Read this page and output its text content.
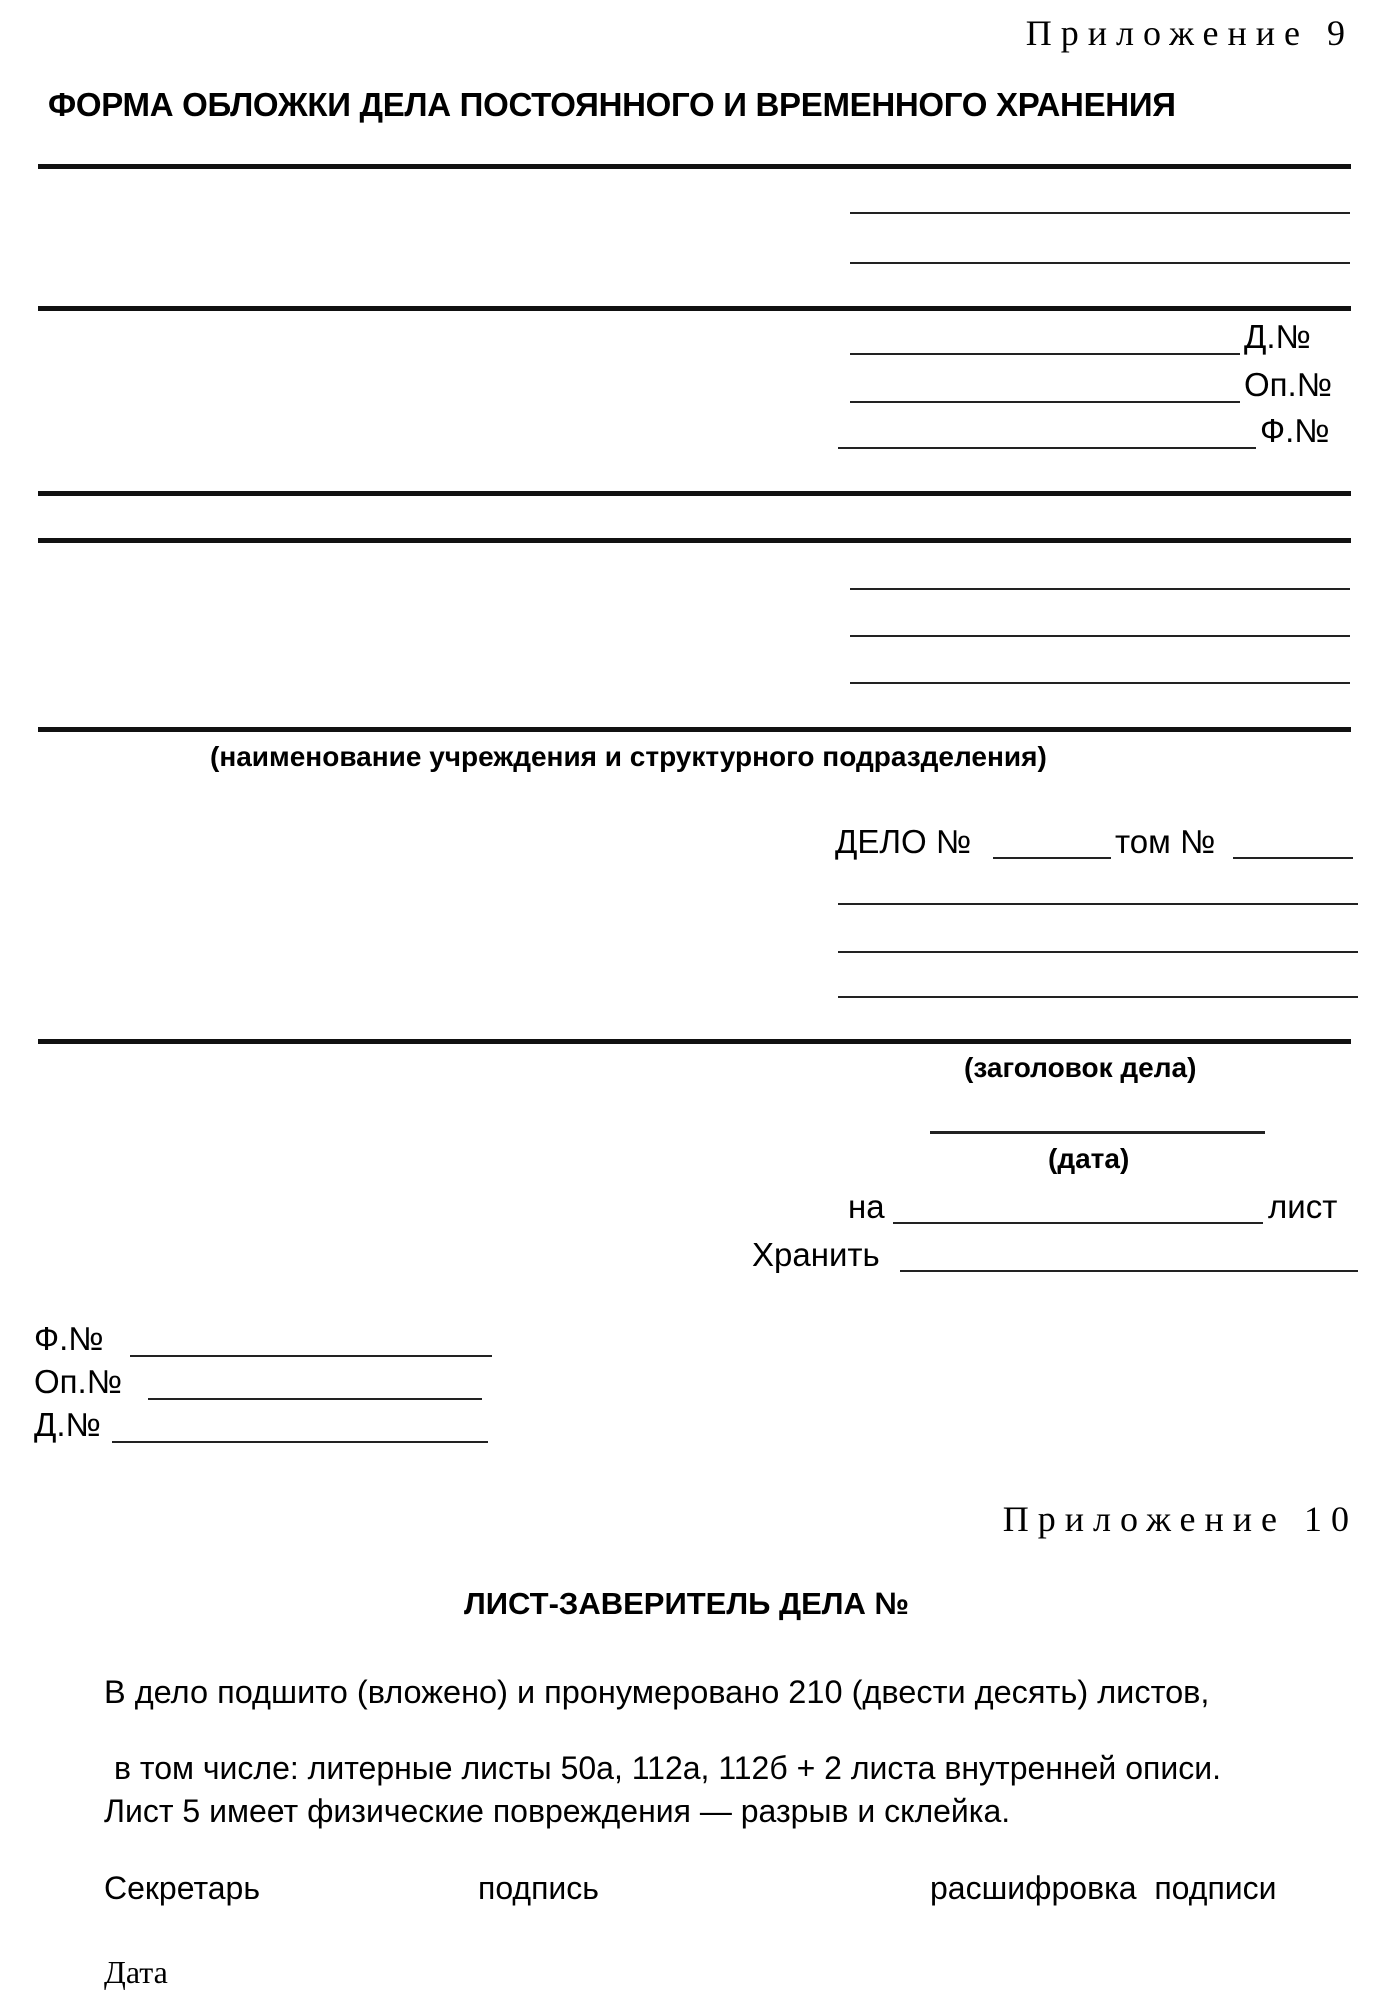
Приложение 9
ФОРМА ОБЛОЖКИ ДЕЛА ПОСТОЯННОГО И ВРЕМЕННОГО ХРАНЕНИЯ
Д.№
Оп.№
Ф.№
(наименование учреждения и структурного подразделения)
ДЕЛО №	том №
(заголовок дела)
(дата)
на	лист
Хранить
Ф.№
Оп.№
Д.№
Приложение 10
ЛИСТ-ЗАВЕРИТЕЛЬ ДЕЛА №
В дело подшито (вложено) и пронумеровано 210 (двести десять) листов,
в том числе: литерные листы 50а, 112а, 112б + 2 листа внутренней описи.
Лист 5 имеет физические повреждения — разрыв и склейка.
Секретарь	подпись	расшифровка  подписи
Дата
